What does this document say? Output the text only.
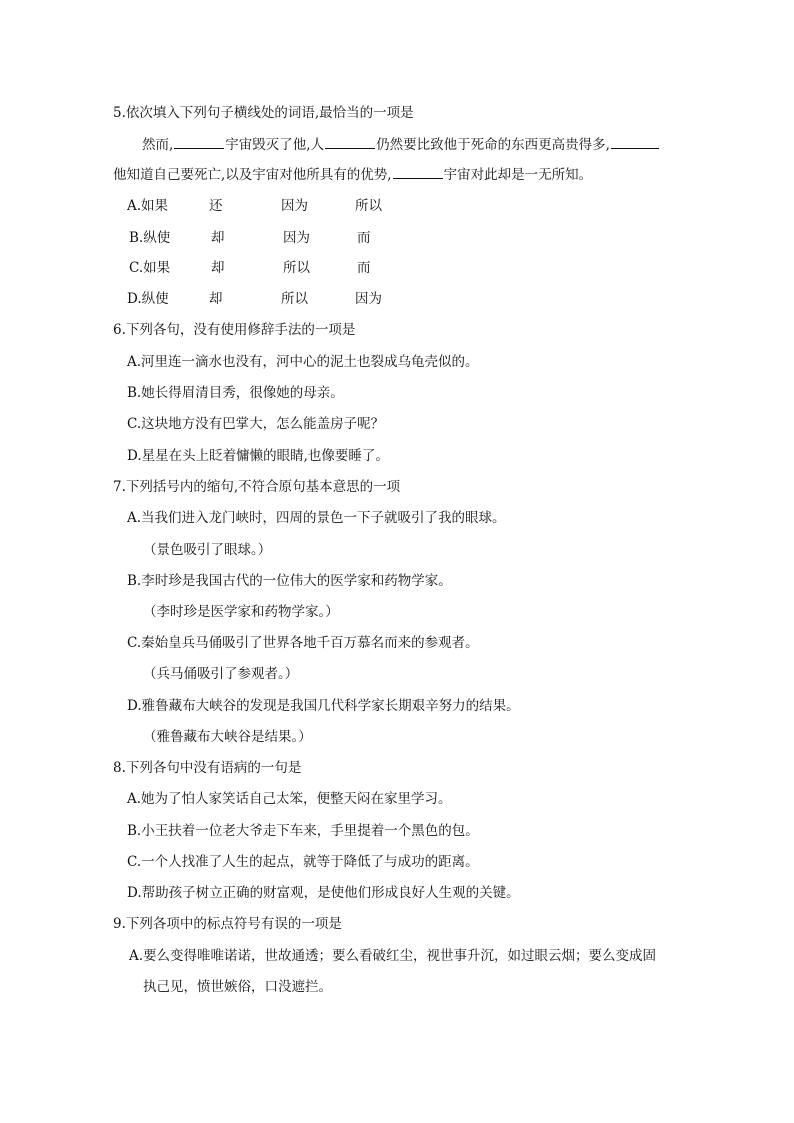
5.依次填入下列句子横线处的词语,最恰当的一项是
然而,	宇宙毁灭了他,人	仍然要比致他于死命的东西更高贵得多,
他知道自己要死亡,以及宇宙对他所具有的优势,	宇宙对此却是一无所知。
A.如果	还	因为	所以
B.纵使	却	因为	而
C.如果	却	所以	而
D.纵使	却	所以	因为
6.下列各句，没有使用修辞手法的一项是
A.河里连一滴水也没有，河中心的泥土也裂成乌龟壳似的。
B.她长得眉清目秀，很像她的母亲。
C.这块地方没有巴掌大，怎么能盖房子呢？
D.星星在头上眨着慵懒的眼睛,也像要睡了。
7.下列括号内的缩句,不符合原句基本意思的一项
A.当我们进入龙门峡时，四周的景色一下子就吸引了我的眼球。
（景色吸引了眼球。）
B.李时珍是我国古代的一位伟大的医学家和药物学家。
（李时珍是医学家和药物学家。）
C.秦始皇兵马俑吸引了世界各地千百万慕名而来的参观者。
（兵马俑吸引了参观者。）
D.雅鲁藏布大峡谷的发现是我国几代科学家长期艰辛努力的结果。
（雅鲁藏布大峡谷是结果。）
8.下列各句中没有语病的一句是
A.她为了怕人家笑话自己太笨，便整天闷在家里学习。
B.小王扶着一位老大爷走下车来，手里提着一个黑色的包。
C.一个人找准了人生的起点，就等于降低了与成功的距离。
D.帮助孩子树立正确的财富观，是使他们形成良好人生观的关键。
9.下列各项中的标点符号有误的一项是
A.要么变得唯唯诺诺，世故通透；要么看破红尘，视世事升沉，如过眼云烟；要么变成固
执己见，愤世嫉俗，口没遮拦。
